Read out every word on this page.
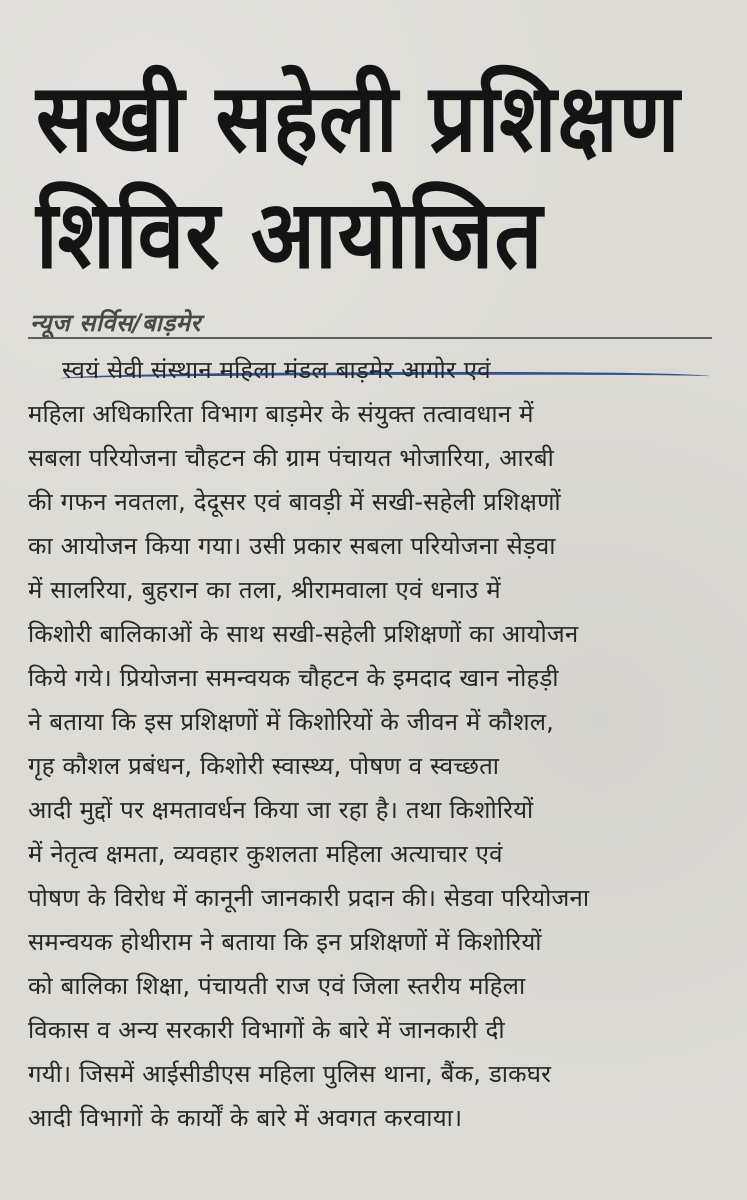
सखी सहेली प्रशिक्षण
शिविर आयोजित
न्यूज सर्विस/बाड़मेर
स्वयं सेवी संस्थान महिला मंडल बाड़मेर आगोर एवं
महिला अधिकारिता विभाग बाड़मेर के संयुक्त तत्वावधान में
सबला परियोजना चौहटन की ग्राम पंचायत भोजारिया, आरबी
की गफन नवतला, देदूसर एवं बावड़ी में सखी-सहेली प्रशिक्षणों
का आयोजन किया गया। उसी प्रकार सबला परियोजना सेड़वा
में सालरिया, बुहरान का तला, श्रीरामवाला एवं धनाउ में
किशोरी बालिकाओं के साथ सखी-सहेली प्रशिक्षणों का आयोजन
किये गये। प्रियोजना समन्वयक चौहटन के इमदाद खान नोहड़ी
ने बताया कि इस प्रशिक्षणों में किशोरियों के जीवन में कौशल,
गृह कौशल प्रबंधन, किशोरी स्वास्थ्य, पोषण व स्वच्छता
आदी मुद्दों पर क्षमतावर्धन किया जा रहा है। तथा किशोरियों
में नेतृत्व क्षमता, व्यवहार कुशलता महिला अत्याचार एवं
पोषण के विरोध में कानूनी जानकारी प्रदान की। सेडवा परियोजना
समन्वयक होथीराम ने बताया कि इन प्रशिक्षणों में किशोरियों
को बालिका शिक्षा, पंचायती राज एवं जिला स्तरीय महिला
विकास व अन्य सरकारी विभागों के बारे में जानकारी दी
गयी। जिसमें आईसीडीएस महिला पुलिस थाना, बैंक, डाकघर
आदी विभागों के कार्यों के बारे में अवगत करवाया।
